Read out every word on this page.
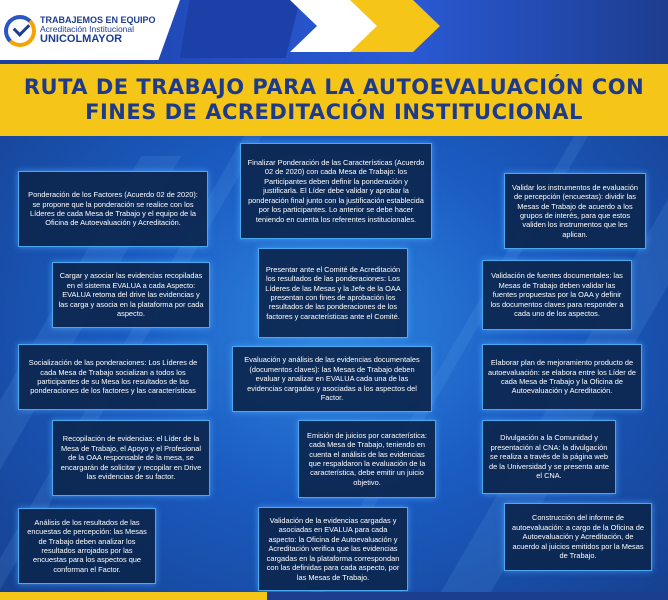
TRABAJEMOS EN EQUIPO
Acreditación Institucional
UNICOLMAYOR
RUTA DE TRABAJO PARA LA AUTOEVALUACIÓN CON
FINES DE ACREDITACIÓN INSTITUCIONAL

Ponderación de los Factores (Acuerdo 02 de 2020): se propone que la ponderación se realice con los Líderes de cada Mesa de Trabajo y el equipo de la Oficina de Autoevaluación y Acreditación.

Cargar y asociar las evidencias recopiladas en el sistema EVALUA a cada Aspecto: EVALUA retoma del drive las evidencias y las carga y asocia en la plataforma por cada aspecto.

Socialización de las ponderaciones: Los Líderes de cada Mesa de Trabajo socializan a todos los participantes de su Mesa los resultados de las ponderaciones de los factores y las características

Recopilación de evidencias: el Líder de la Mesa de Trabajo, el Apoyo y el Profesional de la OAA responsable de la mesa, se encargarán de solicitar y recopilar en Drive las evidencias de su factor.

Análisis de los resultados de las encuestas de percepción: las Mesas de Trabajo deben analizar los resultados arrojados por las encuestas para los aspectos que conforman el Factor.

Finalizar Ponderación de las Características (Acuerdo 02 de 2020) con cada Mesa de Trabajo: los Participantes deben definir la ponderación y justificarla. El Líder debe validar y aprobar la ponderación final junto con la justificación establecida por los participantes. Lo anterior se debe hacer teniendo en cuenta los referentes institucionales.

Presentar ante el Comité de Acreditación los resultados de las ponderaciones: Los Líderes de las Mesas y la Jefe de la OAA presentan con fines de aprobación los resultados de las ponderaciones de los factores y características ante el Comité.

Evaluación y análisis de las evidencias documentales (documentos claves): las Mesas de Trabajo deben evaluar y analizar en EVALUA cada una de las evidencias cargadas y asociadas a los aspectos del Factor.

Emisión de juicios por característica: cada Mesa de Trabajo, teniendo en cuenta el análisis de las evidencias que respaldaron la evaluación de la característica, debe emitir un juicio objetivo.

Validación de la evidencias cargadas y asociadas en EVALUA para cada aspecto: la Oficina de Autoevaluación y Acreditación verifica que las evidencias cargadas en la plataforma correspondan con las definidas para cada aspecto, por las Mesas de Trabajo.

Validar los instrumentos de evaluación de percepción (encuestas): dividir las Mesas de Trabajo de acuerdo a los grupos de interés, para que estos validen los instrumentos que les aplican.

Validación de fuentes documentales: las Mesas de Trabajo deben validar las fuentes propuestas por la OAA y definir los documentos claves para responder a cada uno de los aspectos.

Elaborar plan de mejoramiento producto de autoevaluación: se elabora entre los Líder de cada Mesa de Trabajo y la Oficina de Autoevaluación y Acreditación.

Divulgación a la Comunidad y presentación al CNA: la divulgación se realiza a través de la página web de la Universidad y se presenta ante el CNA.

Construcción del informe de autoevaluación: a cargo de la Oficina de Autoevaluación y Acreditación, de acuerdo al juicios emitidos por la Mesas de Trabajo.
